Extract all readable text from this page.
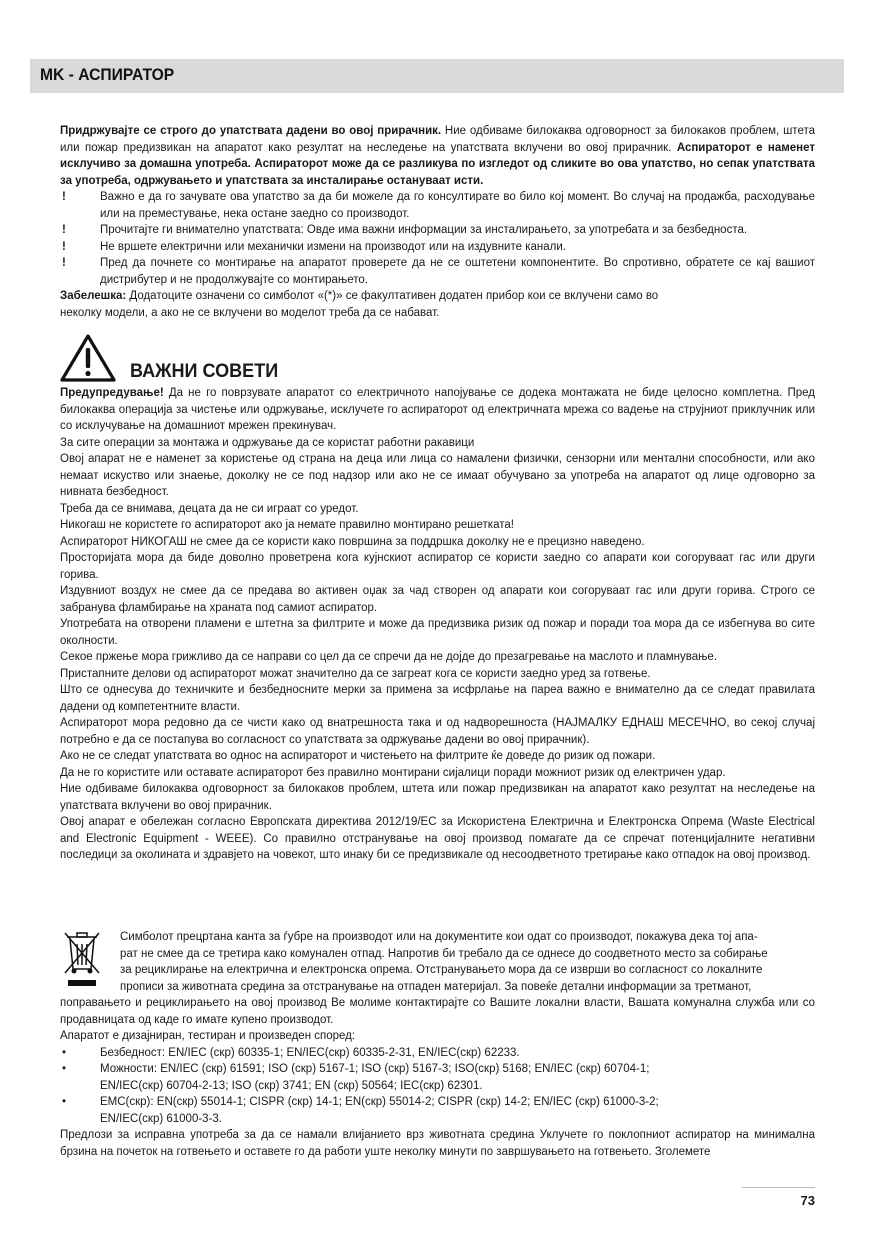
MK - АСПИРАТОР
Придржувајте се строго до упатствата дадени во овој прирачник. Ние одбиваме билокаква одговорност за билокаков проблем, штета или пожар предизвикан на апаратот како резултат на неследење на упатствата вклучени во овој прирачник. Аспираторот е наменет исклучиво за домашна употреба. Аспираторот може да се разликува по изгледот од сликите во ова упатство, но сепак упатствата за употреба, одржувањето и упатствата за инсталирање остануваат исти.
!	Важно е да го зачувате ова упатство за да би можеле да го консултирате во било кој момент. Во случај на продажба, расходување или на преместување, нека остане заедно со производот.
!	Прочитајте ги внимателно упатствата: Овде има важни информации за инсталирањето, за употребата и за безбедноста.
!	Не вршете електрични или механички измени на производот или на издувните канали.
!	Пред да почнете со монтирање на апаратот проверете да не се оштетени компонентите. Во спротивно, обратете се кај вашиот дистрибутер и не продолжувајте со монтирањето.
Забелешка: Додатоците означени со симболот «(*)» се факултативен додатен прибор кои се вклучени само во
неколку модели, а ако не се вклучени во моделот треба да се набават.
ВАЖНИ СОВЕТИ
Предупредување! Да не го поврзувате апаратот со електричното напојување се додека монтажата не биде целосно комплетна. Пред билокаква операција за чистење или одржување, исклучете го аспираторот од електричната мрежа со вадење на струјниот приклучник или со исклучување на домашниот мрежен прекинувач.
За сите операции за монтажа и одржување да се користат работни ракавици
Овој апарат не е наменет за користење од страна на деца или лица со намалени физички, сензорни или ментални способности, или ако немаат искуство или знаење, доколку не се под надзор или ако не се имаат обучувано за употреба на апаратот од лице одговорно за нивната безбедност.
Треба да се внимава, децата да не си играат со уредот.
Никогаш не користете го аспираторот ако ја немате правилно монтирано решетката!
Аспираторот НИКОГАШ не смее да се користи како површина за поддршка доколку не е прецизно наведено.
Просторијата мора да биде доволно проветрена кога кујнскиот аспиратор се користи заедно со апарати кои согоруваат гас или други горива.
Издувниот воздух не смее да се предава во активен оџак за чад створен од апарати кои согоруваат гас или други горива. Строго се забранува фламбирање на храната под самиот аспиратор.
Употребата на отворени пламени е штетна за филтрите и може да предизвика ризик од пожар и поради тоа мора да се избегнува во сите околности.
Секое пржење мора грижливо да се направи со цел да се спречи да не дојде до презагревање на маслото и пламнување.
Пристапните делови од аспираторот можат значително да се загреат кога се користи заедно уред за готвење.
Што се однесува до техничките и безбедносните мерки за примена за исфрлање на пареа важно е внимателно да се следат правилата дадени од компетентните власти.
Аспираторот мора редовно да се чисти како од внатрешноста така и од надворешноста (НАЈМАЛКУ ЕДНАШ МЕСЕЧНО, во секој случај потребно е да се постапува во согласност со упатствата за одржување дадени во овој прирачник).
Ако не се следат упатствата во однос на аспираторот и чистењето на филтрите ќе доведе до ризик од пожари.
Да не го користите или оставате аспираторот без правилно монтирани сијалици поради можниот ризик од електричен удар.
Ние одбиваме билокаква одговорност за билокаков проблем, штета или пожар предизвикан на апаратот како резултат на неследење на упатствата вклучени во овој прирачник.
Овој апарат е обележан согласно Европската директива 2012/19/EC за Искористена Електрична и Електронска Опрема (Waste Electrical and Electronic Equipment - WEEE). Со правилно отстранување на овој производ помагате да се спречат потенцијалните негативни последици за околината и здравјето на човекот, што инаку би се предизвикале од несоодветното третирање како отпадок на овој производ.
Симболот прецртана канта за ѓубре на производот или на документите кои одат со производот, покажува дека тој апа-
рат не смее да се третира како комунален отпад. Напротив би требало да се однесе до соодветното место за собирање
за рециклирање на електрична и електронска опрема. Отстранувањето мора да се изврши во согласност со локалните
прописи за животната средина за отстранување на отпаден материјал. За повеќе детални информации за третманот,
поправањето и рециклирањето на овој производ Ве молиме контактирајте со Вашите локални власти, Вашата комунална служба или со продавницата од каде го имате купено производот.
Апаратот е дизајниран, тестиран и произведен според:
•	Безбедност: EN/IEC (скр) 60335-1; EN/IEC(скр) 60335-2-31, EN/IEC(скр) 62233.
•	Можности: EN/IEC (скр) 61591; ISO (скр) 5167-1; ISO (скр) 5167-3; ISO(скр) 5168; EN/IEC (скр) 60704-1;
EN/IEC(скр) 60704-2-13; ISO (скр) 3741; EN (скр) 50564; IEC(скр) 62301.
•	EMC(скр): EN(скр) 55014-1; CISPR (скр) 14-1; EN(скр) 55014-2; CISPR (скр) 14-2; EN/IEC (скр) 61000-3-2;
EN/IEC(скр) 61000-3-3.
Предлози за исправна употреба за да се намали влијанието врз животната средина Уклучете го поклопниот аспиратор на минимална брзина на почеток на готвењето и оставете го да работи уште неколку минути по завршувањето на готвењето. Зголемете
73
